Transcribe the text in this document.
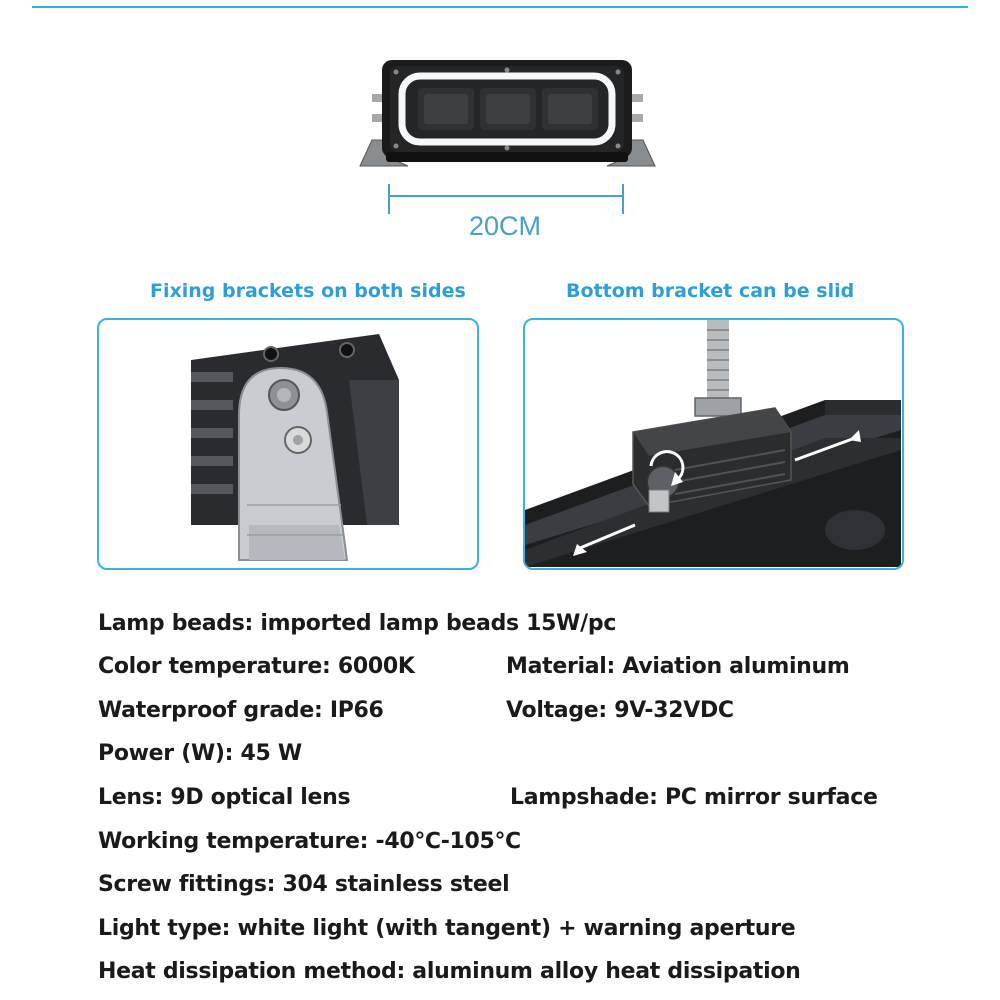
20CM
Fixing brackets on both sides	Bottom bracket can be slid
Lamp beads: imported lamp beads 15W/pc
Color temperature: 6000K	Material: Aviation aluminum
Waterproof grade: IP66	Voltage: 9V-32VDC
Power (W): 45 W
Lens: 9D optical lens	Lampshade: PC mirror surface
Working temperature: -40℃-105℃
Screw fittings: 304 stainless steel
Light type: white light (with tangent) + warning aperture
Heat dissipation method: aluminum alloy heat dissipation
